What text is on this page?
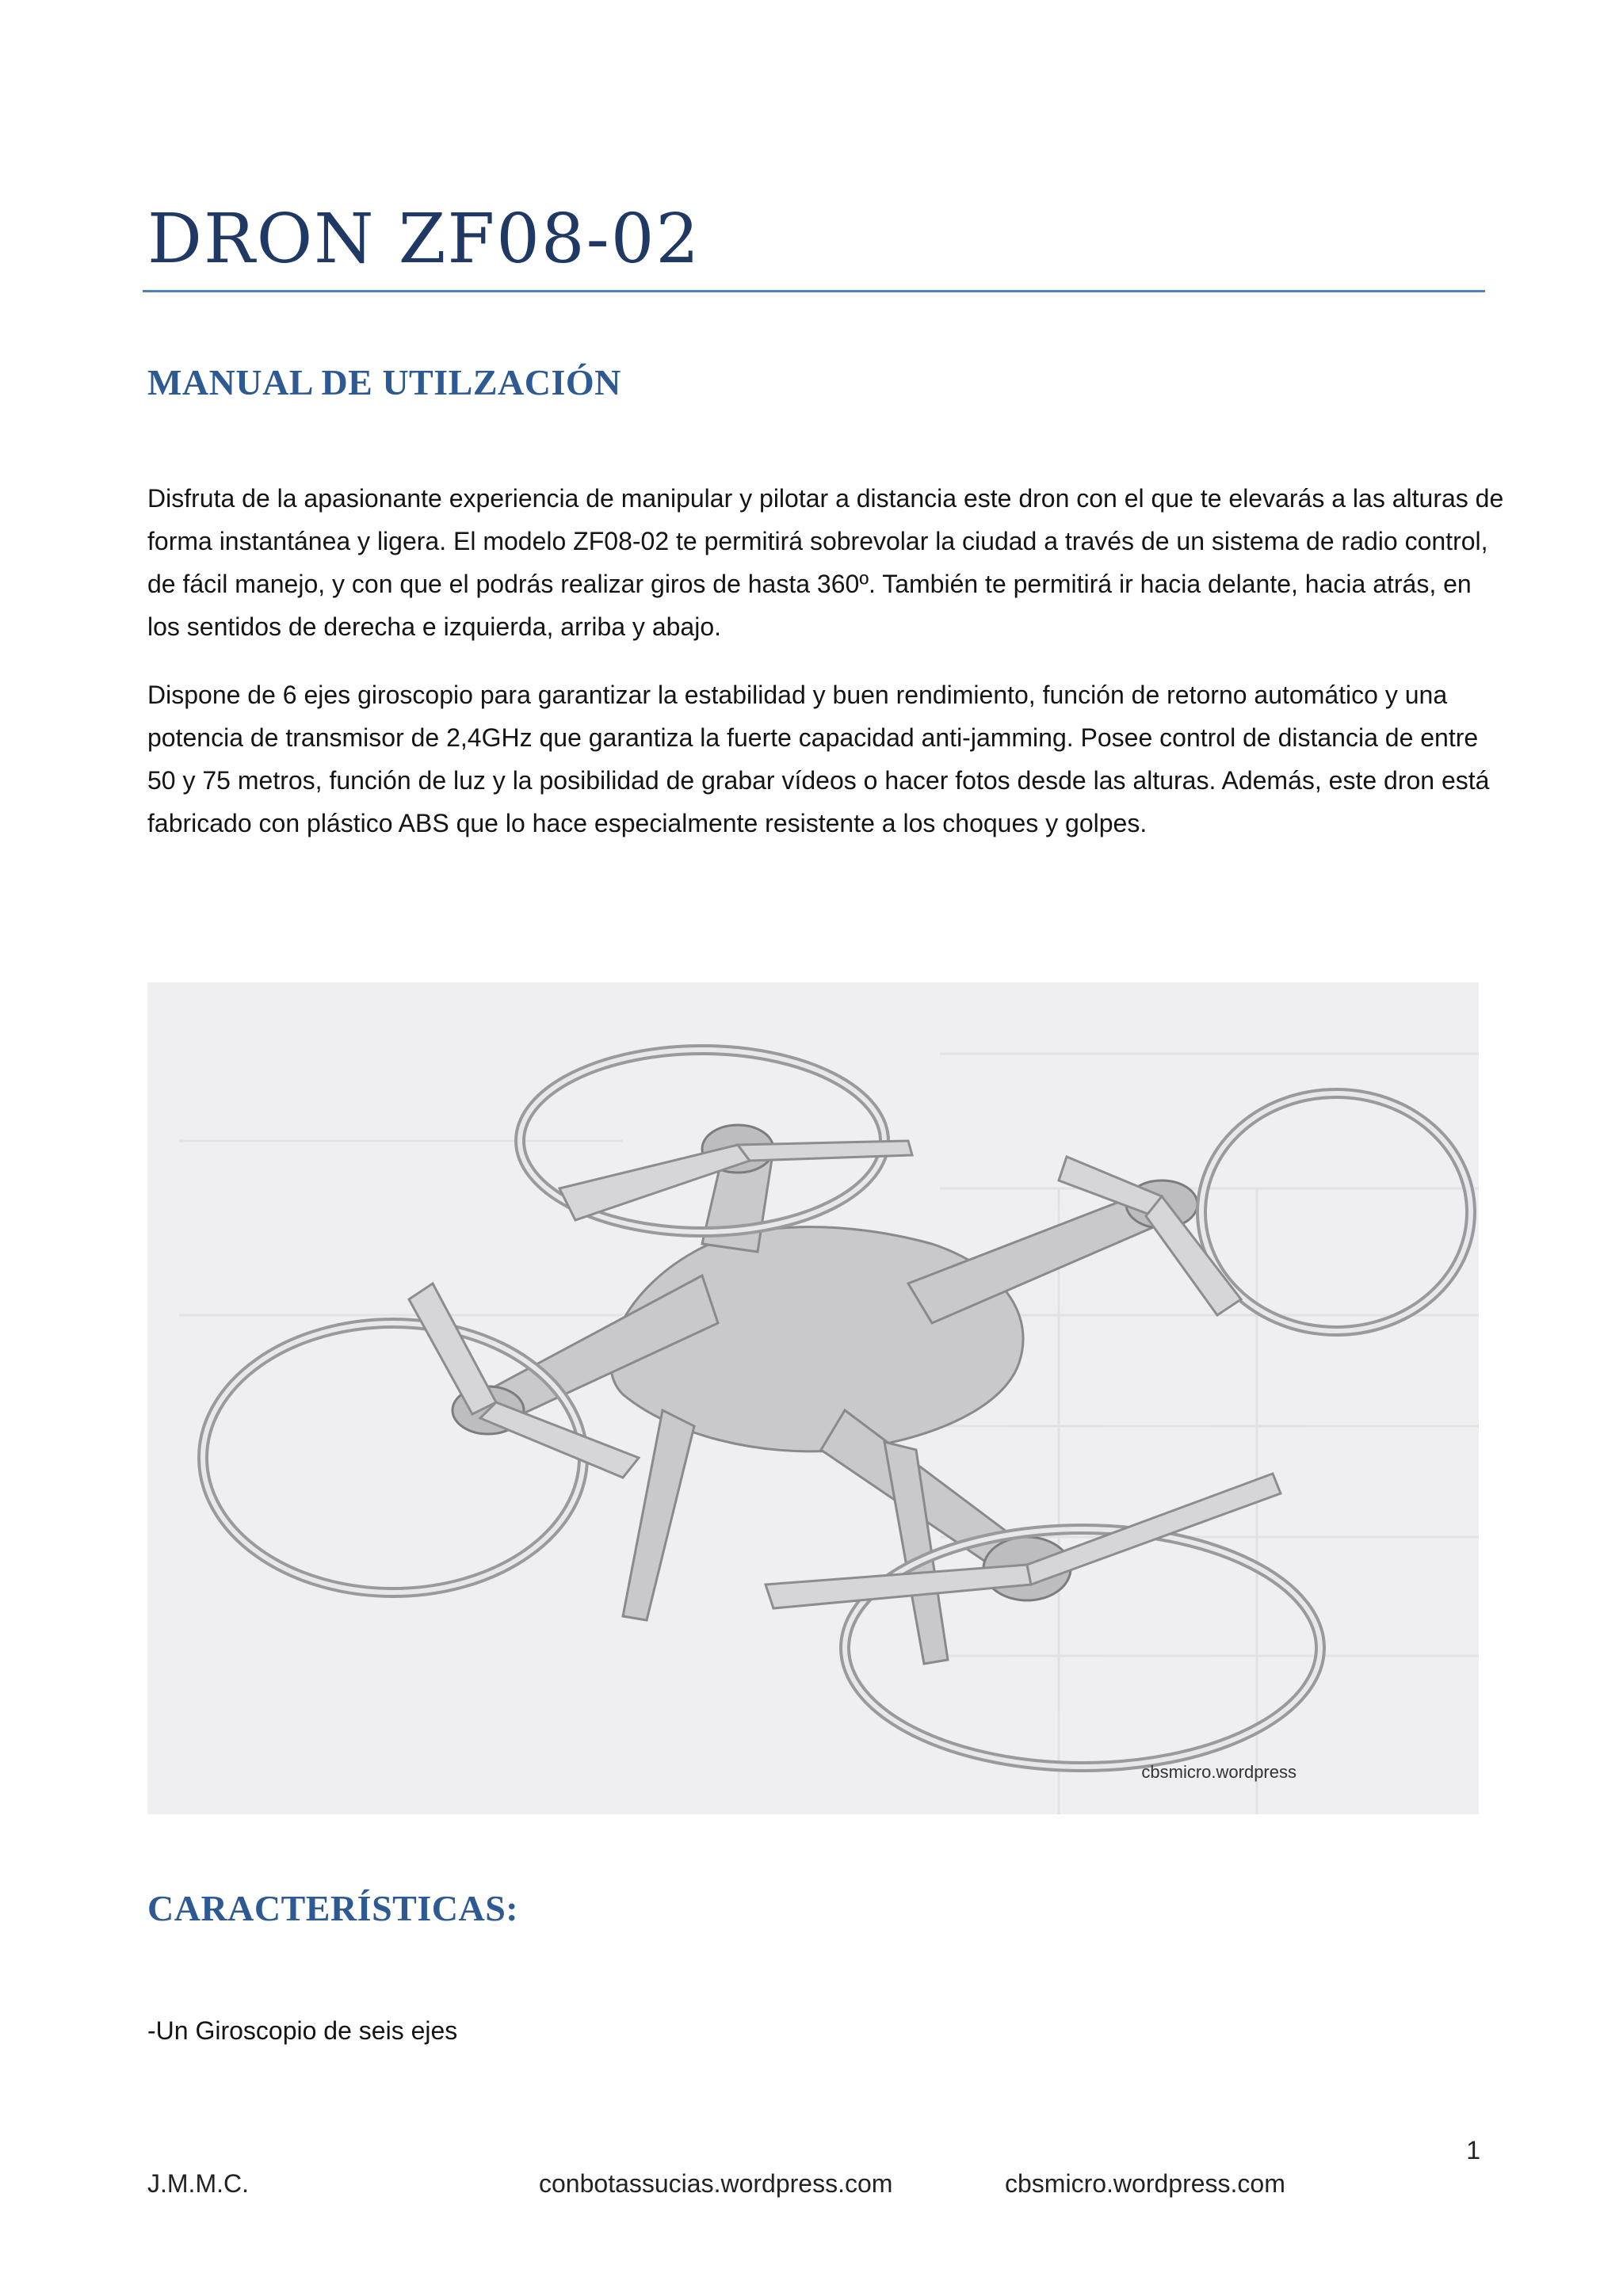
DRON ZF08-02
MANUAL DE UTILZACIÓN

Disfruta de la apasionante experiencia de manipular y pilotar a distancia este dron con el que te elevarás a las alturas de forma instantánea y ligera. El modelo ZF08-02 te permitirá sobrevolar la ciudad a través de un sistema de radio control, de fácil manejo, y con que el podrás realizar giros de hasta 360º. También te permitirá ir hacia delante, hacia atrás, en los sentidos de derecha e izquierda, arriba y abajo.

Dispone de 6 ejes giroscopio para garantizar la estabilidad y buen rendimiento, función de retorno automático y una potencia de transmisor de 2,4GHz que garantiza la fuerte capacidad anti-jamming. Posee control de distancia de entre 50 y 75 metros, función de luz y la posibilidad de grabar vídeos o hacer fotos desde las alturas. Además, este dron está fabricado con plástico ABS que lo hace especialmente resistente a los choques y golpes.

cbsmicro.wordpress
CARACTERÍSTICAS:

-Un Giroscopio de seis ejes

1
J.M.M.C.	conbotassucias.wordpress.com	cbsmicro.wordpress.com
